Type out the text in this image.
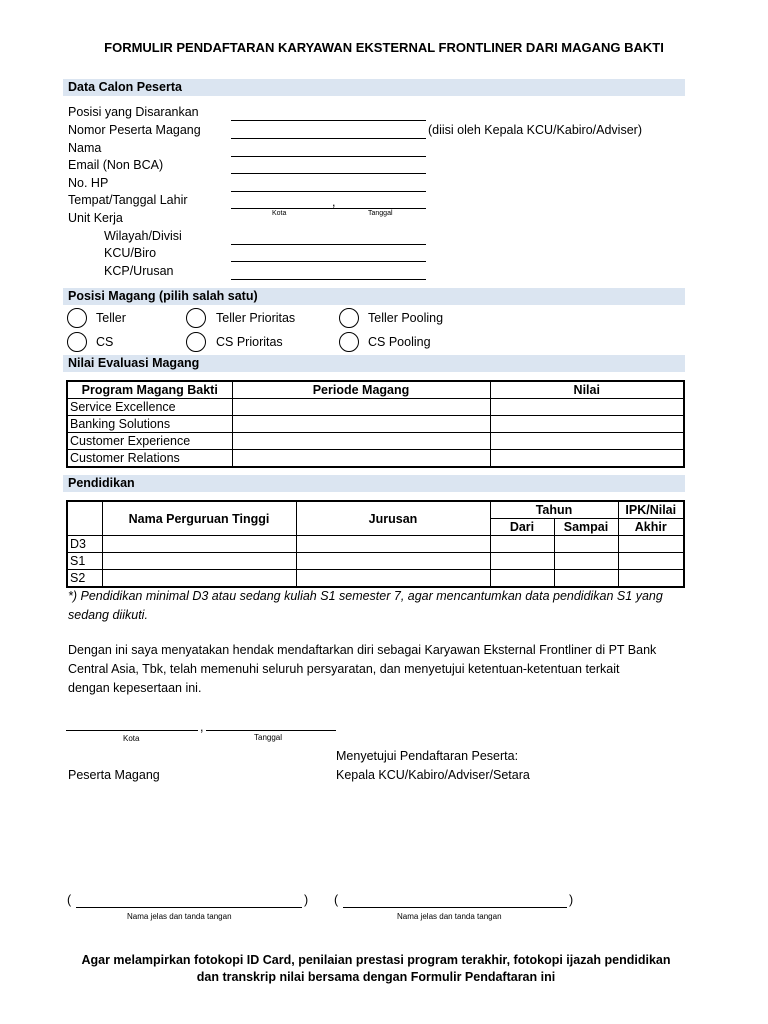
FORMULIR PENDAFTARAN KARYAWAN EKSTERNAL FRONTLINER DARI MAGANG BAKTI
Data Calon Peserta
Posisi yang Disarankan
Nomor Peserta Magang	(diisi oleh Kepala KCU/Kabiro/Adviser)
Nama
Email (Non BCA)
No. HP
Tempat/Tanggal Lahir	,
Kota	Tanggal
Unit Kerja
Wilayah/Divisi
KCU/Biro
KCP/Urusan
Posisi Magang (pilih salah satu)
Teller	Teller Prioritas	Teller Pooling
CS	CS Prioritas	CS Pooling
Nilai Evaluasi Magang
Program Magang Bakti	Periode Magang	Nilai
Service Excellence		
Banking Solutions		
Customer Experience		
Customer Relations		
Pendidikan
	Nama Perguruan Tinggi	Jurusan	Tahun		IPK/Nilai
			Dari	Sampai	Akhir
D3					
S1					
S2					
*) Pendidikan minimal D3 atau sedang kuliah S1 semester 7, agar mencantumkan data pendidikan S1 yang
sedang diikuti.
Dengan ini saya menyatakan hendak mendaftarkan diri sebagai Karyawan Eksternal Frontliner di PT Bank
Central Asia, Tbk, telah memenuhi seluruh persyaratan, dan menyetujui ketentuan-ketentuan terkait
dengan kepesertaan ini.
,
Kota	Tanggal
Menyetujui Pendaftaran Peserta:
Peserta Magang	Kepala KCU/Kabiro/Adviser/Setara
(	)
Nama jelas dan tanda tangan
(	)
Nama jelas dan tanda tangan
Agar melampirkan fotokopi ID Card, penilaian prestasi program terakhir, fotokopi ijazah pendidikan
dan transkrip nilai bersama dengan Formulir Pendaftaran ini
